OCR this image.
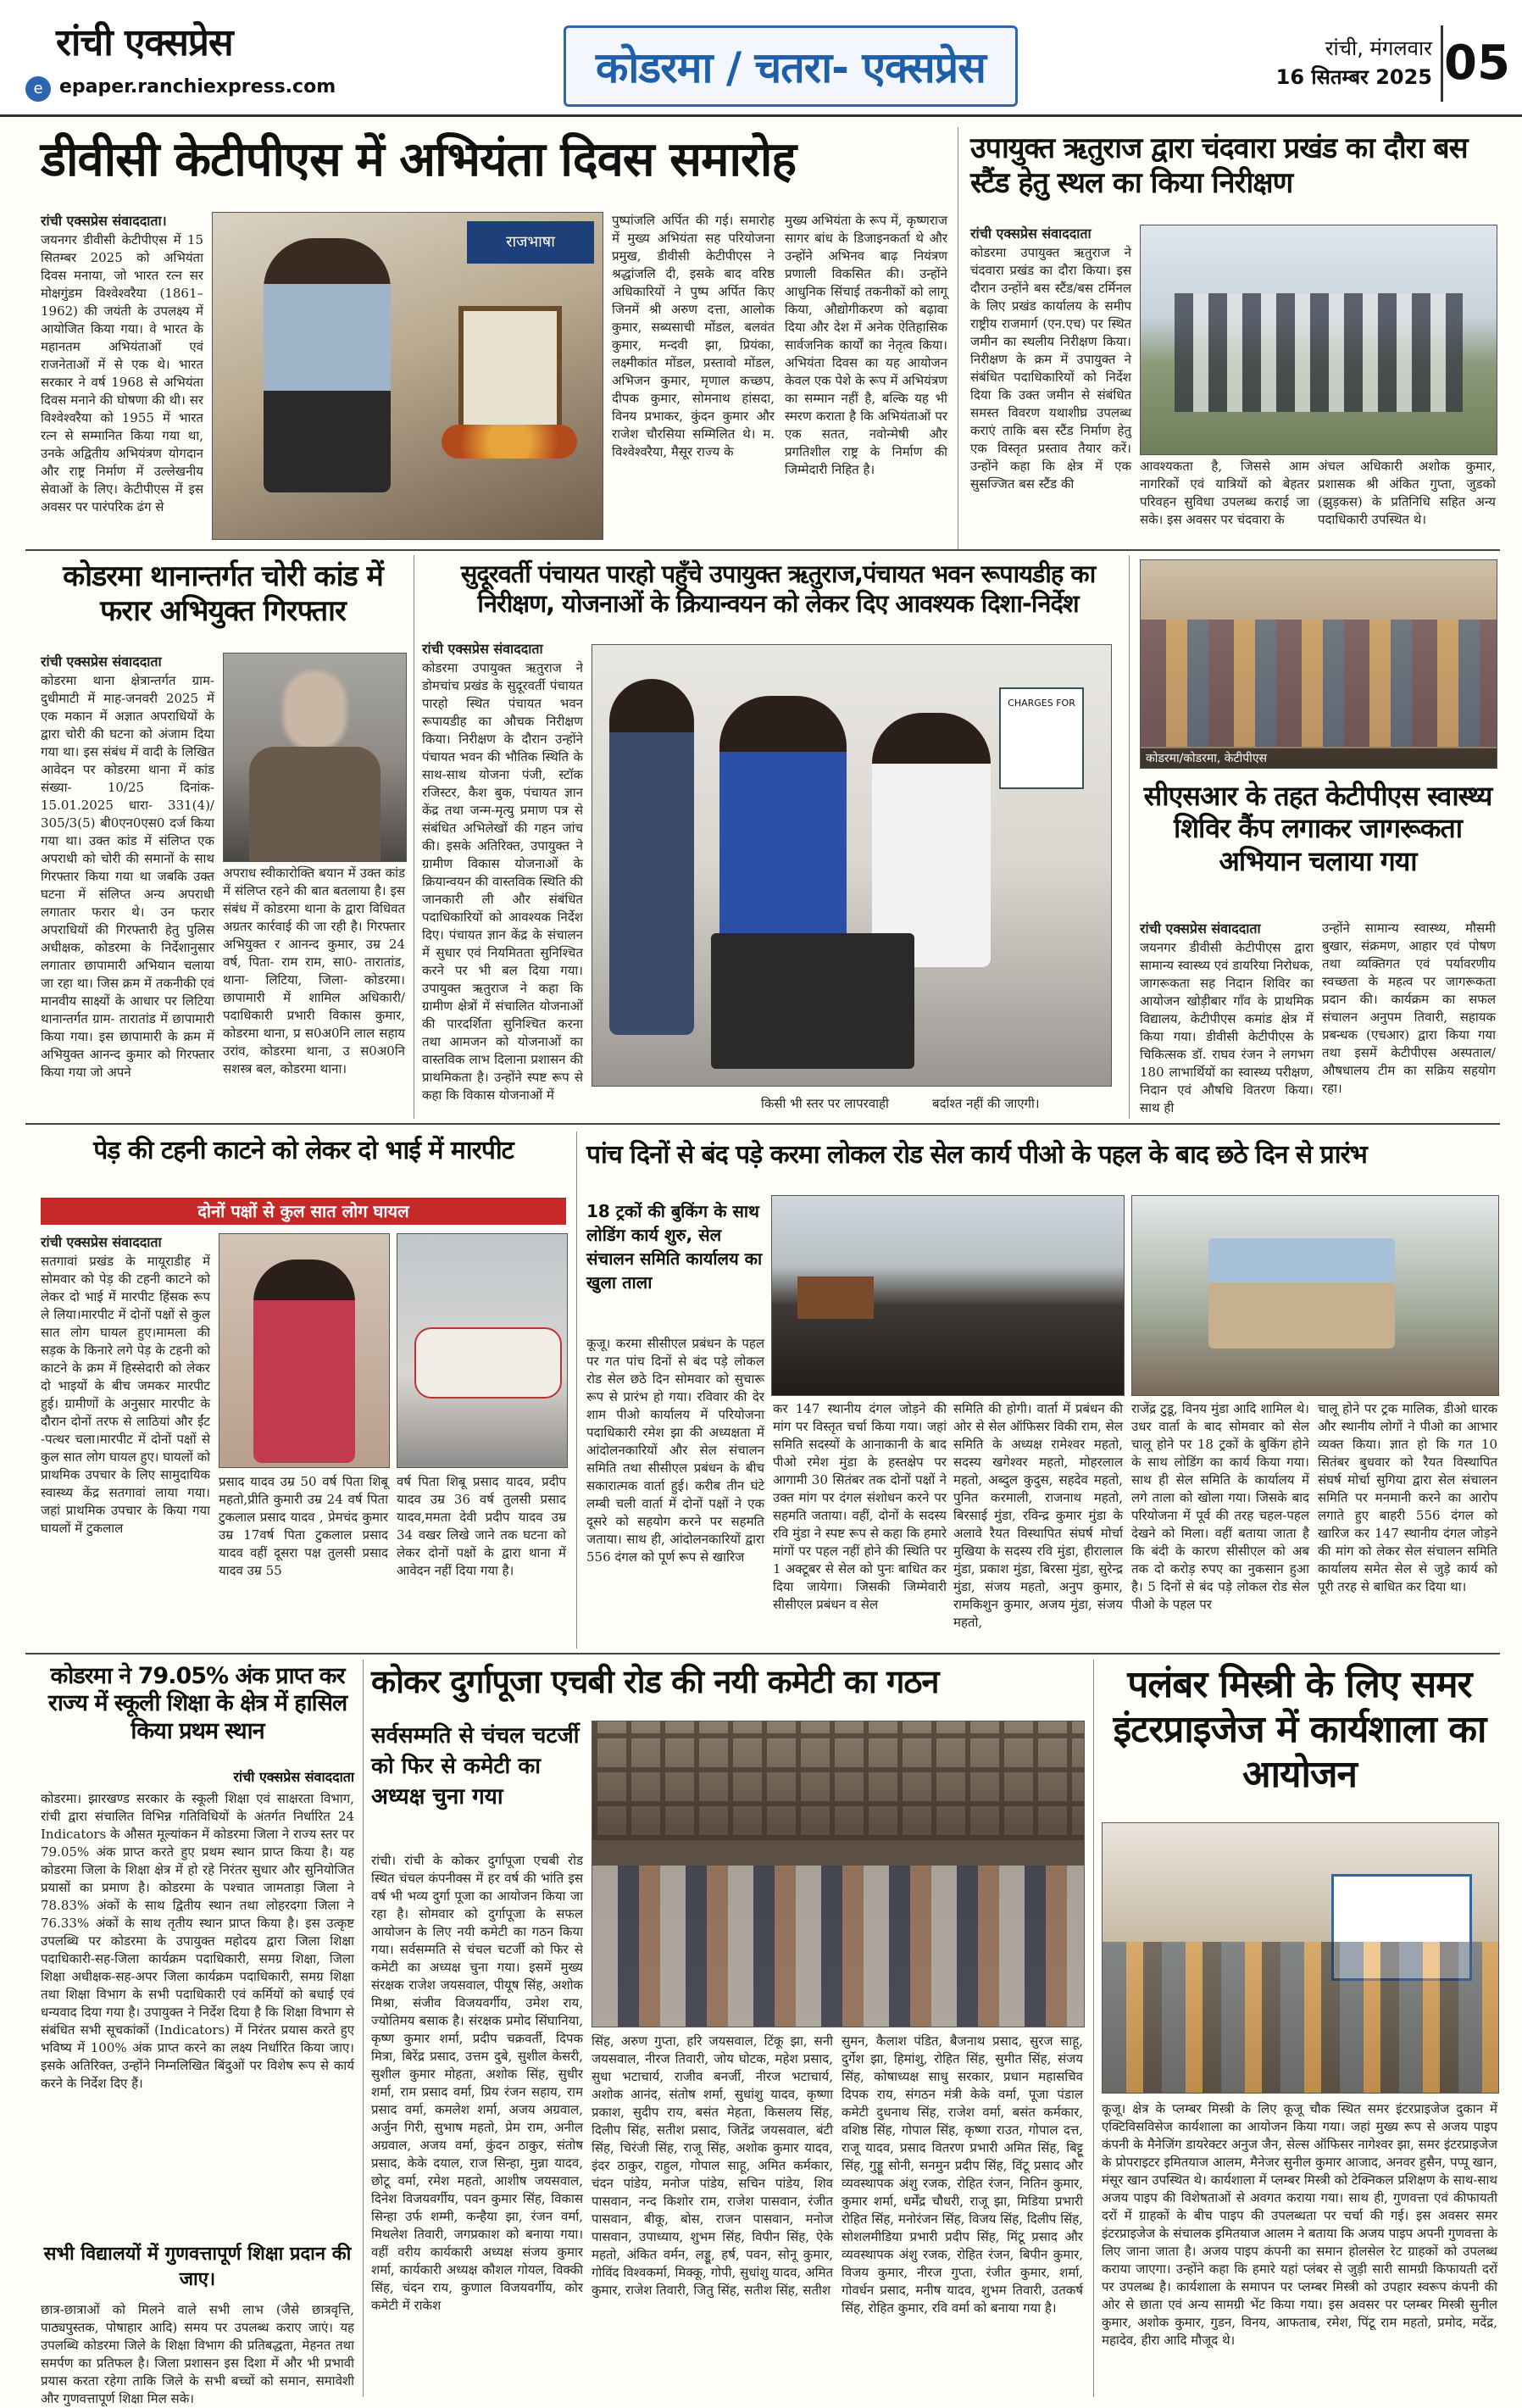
रांची एक्सप्रेस
e epaper.ranchiexpress.com	कोडरमा / चतरा- एक्सप्रेस	रांची, मंगलवार
16 सितम्बर 2025 05
डीवीसी केटीपीएस में अभियंता दिवस समारोह
रांची एक्सप्रेस संवाददाता।
जयनगर डीवीसी केटीपीएस में 15 सितम्बर 2025 को अभियंता दिवस मनाया, जो भारत रत्न सर मोक्षगुंडम विश्वेश्वरैया (1861–1962) की जयंती के उपलक्ष्य में आयोजित किया गया। वे भारत के महानतम अभियंताओं एवं राजनेताओं में से एक थे। भारत सरकार ने वर्ष 1968 से अभियंता दिवस मनाने की घोषणा की थी। सर विश्वेश्वरैया को 1955 में भारत रत्न से सम्मानित किया गया था, उनके अद्वितीय अभियंत्रण योगदान और राष्ट्र निर्माण में उल्लेखनीय सेवाओं के लिए। केटीपीएस में इस अवसर पर पारंपरिक ढंग से
राजभाषा
पुष्पांजलि अर्पित की गई। समारोह में मुख्य अभियंता सह परियोजना प्रमुख, डीवीसी केटीपीएस ने श्रद्धांजलि दी, इसके बाद वरिष्ठ अधिकारियों ने पुष्प अर्पित किए जिनमें श्री अरुण दत्ता, आलोक कुमार, सब्यसाची मोंडल, बलवंत कुमार, मन्दवी झा, प्रियंका, लक्ष्मीकांत मोंडल, प्रस्तावो मोंडल, अभिजन कुमार, मृणाल कच्छप, दीपक कुमार, सोमनाथ हांसदा, विनय प्रभाकर, कुंदन कुमार और राजेश चौरसिया सम्मिलित थे। म. विश्वेश्वरैया, मैसूर राज्य के
मुख्य अभियंता के रूप में, कृष्णराज सागर बांध के डिजाइनकर्ता थे और उन्होंने अभिनव बाढ़ नियंत्रण प्रणाली विकसित की। उन्होंने आधुनिक सिंचाई तकनीकों को लागू किया, औद्योगीकरण को बढ़ावा दिया और देश में अनेक ऐतिहासिक सार्वजनिक कार्यों का नेतृत्व किया। अभियंता दिवस का यह आयोजन केवल एक पेशे के रूप में अभियंत्रण का सम्मान नहीं है, बल्कि यह भी स्मरण कराता है कि अभियंताओं पर एक सतत, नवोन्मेषी और प्रगतिशील राष्ट्र के निर्माण की जिम्मेदारी निहित है।
उपायुक्त ऋतुराज द्वारा चंदवारा प्रखंड का दौरा बस स्टैंड हेतु स्थल का किया निरीक्षण
रांची एक्सप्रेस संवाददाता
कोडरमा उपायुक्त ऋतुराज ने चंदवारा प्रखंड का दौरा किया। इस दौरान उन्होंने बस स्टैंड/बस टर्मिनल के लिए प्रखंड कार्यालय के समीप राष्ट्रीय राजमार्ग (एन.एच) पर स्थित जमीन का स्थलीय निरीक्षण किया। निरीक्षण के क्रम में उपायुक्त ने संबंधित पदाधिकारियों को निर्देश दिया कि उक्त जमीन से संबंधित समस्त विवरण यथाशीघ्र उपलब्ध कराएं ताकि बस स्टैंड निर्माण हेतु एक विस्तृत प्रस्ताव तैयार करें। उन्होंने कहा कि क्षेत्र में एक सुसज्जित बस स्टैंड की
आवश्यकता है, जिससे आम नागरिकों एवं यात्रियों को बेहतर परिवहन सुविधा उपलब्ध कराई जा सके। इस अवसर पर चंदवारा के
अंचल अधिकारी अशोक कुमार, प्रशासक श्री अंकित गुप्ता, जुडको (झुड़कस) के प्रतिनिधि सहित अन्य पदाधिकारी उपस्थित थे।
कोडरमा थानान्तर्गत चोरी कांड में फरार अभियुक्त गिरफ्तार
रांची एक्सप्रेस संवाददाता
कोडरमा थाना क्षेत्रान्तर्गत ग्राम- दुधीमाटी में माह-जनवरी 2025 में एक मकान में अज्ञात अपराधियों के द्वारा चोरी की घटना को अंजाम दिया गया था। इस संबंध में वादी के लिखित आवेदन पर कोडरमा थाना में कांड संख्या- 10/25 दिनांक- 15.01.2025 धारा- 331(4)/ 305/3(5) बी0एन0एस0 दर्ज किया गया था। उक्त कांड में संलिप्त एक अपराधी को चोरी की समानों के साथ गिरफ्तार किया गया था जबकि उक्त घटना में संलिप्त अन्य अपराधी लगातार फरार थे। उन फरार अपराधियों की गिरफ्तारी हेतु पुलिस अधीक्षक, कोडरमा के निर्देशानुसार लगातार छापामारी अभियान चलाया जा रहा था। जिस क्रम में तकनीकी एवं मानवीय साक्ष्यों के आधार पर लिटिया थानान्तर्गत ग्राम- तारातांड में छापामारी किया गया। इस छापामारी के क्रम में अभियुक्त आनन्द कुमार को गिरफ्तार किया गया जो अपने
अपराध स्वीकारोक्ति बयान में उक्त कांड में संलिप्त रहने की बात बतलाया है। इस संबंध में कोडरमा थाना के द्वारा विधिवत अग्रतर कार्रवाई की जा रही है। गिरफ्तार अभियुक्त र आनन्द कुमार, उम्र 24 वर्ष, पिता- राम राम, सा0- तारातांड, थाना- लिटिया, जिला- कोडरमा। छापामारी में शामिल अधिकारी/पदाधिकारी प्रभारी विकास कुमार, कोडरमा थाना, प्र स0अ0नि लाल सहाय उरांव, कोडरमा थाना, उ स0अ0नि सशस्त्र बल, कोडरमा थाना।
सुदूरवर्ती पंचायत पारहो पहुँचे उपायुक्त ऋतुराज,पंचायत भवन रूपायडीह का निरीक्षण, योजनाओं के क्रियान्वयन को लेकर दिए आवश्यक दिशा-निर्देश
रांची एक्सप्रेस संवाददाता
कोडरमा उपायुक्त ऋतुराज ने डोमचांच प्रखंड के सुदूरवर्ती पंचायत पारहो स्थित पंचायत भवन रूपायडीह का औचक निरीक्षण किया। निरीक्षण के दौरान उन्होंने पंचायत भवन की भौतिक स्थिति के साथ-साथ योजना पंजी, स्टॉक रजिस्टर, कैश बुक, पंचायत ज्ञान केंद्र तथा जन्म-मृत्यु प्रमाण पत्र से संबंधित अभिलेखों की गहन जांच की। इसके अतिरिक्त, उपायुक्त ने ग्रामीण विकास योजनाओं के क्रियान्वयन की वास्तविक स्थिति की जानकारी ली और संबंधित पदाधिकारियों को आवश्यक निर्देश दिए। पंचायत ज्ञान केंद्र के संचालन में सुधार एवं नियमितता सुनिश्चित करने पर भी बल दिया गया। उपायुक्त ऋतुराज ने कहा कि ग्रामीण क्षेत्रों में संचालित योजनाओं की पारदर्शिता सुनिश्चित करना तथा आमजन को योजनाओं का वास्तविक लाभ दिलाना प्रशासन की प्राथमिकता है। उन्होंने स्पष्ट रूप से कहा कि विकास योजनाओं में
CHARGES FOR
किसी भी स्तर पर लापरवाही	बर्दाश्त नहीं की जाएगी।
कोडरमा/कोडरमा, केटीपीएस
सीएसआर के तहत केटीपीएस स्वास्थ्य शिविर कैंप लगाकर जागरूकता अभियान चलाया गया
रांची एक्सप्रेस संवाददाता
जयनगर डीवीसी केटीपीएस द्वारा सामान्य स्वास्थ्य एवं डायरिया निरोधक, जागरूकता सह निदान शिविर का आयोजन खोड़ीबार गाँव के प्राथमिक विद्यालय, केटीपीएस कमांड क्षेत्र में किया गया। डीवीसी केटीपीएस के चिकित्सक डॉ. राघव रंजन ने लगभग 180 लाभार्थियों का स्वास्थ्य परीक्षण, निदान एवं औषधि वितरण किया। साथ ही
उन्होंने सामान्य स्वास्थ्य, मौसमी बुखार, संक्रमण, आहार एवं पोषण तथा व्यक्तिगत एवं पर्यावरणीय स्वच्छता के महत्व पर जागरूकता प्रदान की। कार्यक्रम का सफल संचालन अनुपम तिवारी, सहायक प्रबन्धक (एचआर) द्वारा किया गया तथा इसमें केटीपीएस अस्पताल/औषधालय टीम का सक्रिय सहयोग रहा।
पेड़ की टहनी काटने को लेकर दो भाई में मारपीट
दोनों पक्षों से कुल सात लोग घायल
रांची एक्सप्रेस संवाददाता
सतगावां प्रखंड के मायूराडीह में सोमवार को पेड़ की टहनी काटने को लेकर दो भाई में मारपीट हिंसक रूप ले लिया।मारपीट में दोनों पक्षों से कुल सात लोग घायल हुए।मामला की सड़क के किनारे लगे पेड़ के टहनी को काटने के क्रम में हिस्सेदारी को लेकर दो भाइयों के बीच जमकर मारपीट हुई। ग्रामीणों के अनुसार मारपीट के दौरान दोनों तरफ से लाठियां और ईंट -पत्थर चला।मारपीट में दोनों पक्षों से कुल सात लोग घायल हुए। घायलों को प्राथमिक उपचार के लिए सामुदायिक स्वास्थ्य केंद्र सतगावां लाया गया। जहां प्राथमिक उपचार के किया गया घायलों में टुकलाल
प्रसाद यादव उम्र 50 वर्ष पिता शिबू महतो,प्रीति कुमारी उम्र 24 वर्ष पिता टुकलाल प्रसाद यादव , प्रेमचंद कुमार उम्र 17वर्ष पिता टुकलाल प्रसाद यादव वहीं दूसरा पक्ष तुलसी प्रसाद यादव उम्र 55
वर्ष पिता शिबू प्रसाद यादव, प्रदीप यादव उम्र 36 वर्ष तुलसी प्रसाद यादव,ममता देवी प्रदीप यादव उम्र 34 वखर लिखे जाने तक घटना को लेकर दोनों पक्षों के द्वारा थाना में आवेदन नहीं दिया गया है।
पांच दिनों से बंद पड़े करमा लोकल रोड सेल कार्य पीओ के पहल के बाद छठे दिन से प्रारंभ
18 ट्रकों की बुकिंग के साथ लोडिंग कार्य शुरु, सेल संचालन समिति कार्यालय का खुला ताला
कूजू। करमा सीसीएल प्रबंधन के पहल पर गत पांच दिनों से बंद पड़े लोकल रोड सेल छठे दिन सोमवार को सुचारू रूप से प्रारंभ हो गया। रविवार की देर शाम पीओ कार्यालय में परियोजना पदाधिकारी रमेश झा की अध्यक्षता में आंदोलनकारियों और सेल संचालन समिति तथा सीसीएल प्रबंधन के बीच सकारात्मक वार्ता हुई। करीब तीन घंटे लम्बी चली वार्ता में दोनों पक्षों ने एक दूसरे को सहयोग करने पर सहमति जताया। साथ ही, आंदोलनकारियों द्वारा 556 दंगल को पूर्ण रूप से खारिज
कर 147 स्थानीय दंगल जोड़ने की मांग पर विस्तृत चर्चा किया गया। जहां समिति सदस्यों के आनाकानी के बाद पीओ रमेश मुंडा के हस्तक्षेप पर आगामी 30 सितंबर तक दोनों पक्षों ने उक्त मांग पर दंगल संशोधन करने पर सहमति जताया। वहीं, दोनों के सदस्य रवि मुंडा ने स्पष्ट रूप से कहा कि हमारे मांगों पर पहल नहीं होने की स्थिति पर 1 अक्टूबर से सेल को पुनः बाधित कर दिया जायेगा। जिसकी जिम्मेवारी सीसीएल प्रबंधन व सेल
समिति की होगी। वार्ता में प्रबंधन की ओर से सेल ऑफिसर विकी राम, सेल समिति के अध्यक्ष रामेश्वर महतो, सदस्य खगेश्वर महतो, मोहरलाल महतो, अब्दुल कुदुस, सहदेव महतो, पुनित करमाली, राजनाथ महतो, बिरसाई मुंडा, रविन्द्र कुमार मुंडा के अलावे रैयत विस्थापित संघर्ष मोर्चा मुखिया के सदस्य रवि मुंडा, हीरालाल मुंडा, प्रकाश मुंडा, बिरसा मुंडा, सुरेन्द्र मुंडा, संजय महतो, अनुप कुमार, रामकिशुन कुमार, अजय मुंडा, संजय महतो,
राजेंद्र टुडू, विनय मुंडा आदि शामिल थे। उधर वार्ता के बाद सोमवार को सेल चालू होने पर 18 ट्रकों के बुकिंग होने के साथ लोडिंग का कार्य किया गया। साथ ही सेल समिति के कार्यालय में लगे ताला को खोला गया। जिसके बाद परियोजना में पूर्व की तरह चहल-पहल देखने को मिला। वहीं बताया जाता है कि बंदी के कारण सीसीएल को अब तक दो करोड़ रुपए का नुकसान हुआ है। 5 दिनों से बंद पड़े लोकल रोड सेल पीओ के पहल पर
चालू होने पर ट्रक मालिक, डीओ धारक और स्थानीय लोगों ने पीओ का आभार व्यक्त किया। ज्ञात हो कि गत 10 सितंबर बुधवार को रैयत विस्थापित संघर्ष मोर्चा सुगिया द्वारा सेल संचालन समिति पर मनमानी करने का आरोप लगाते हुए बाहरी 556 दंगल को खारिज कर 147 स्थानीय दंगल जोड़ने की मांग को लेकर सेल संचालन समिति कार्यालय समेत सेल से जुड़े कार्य को पूरी तरह से बाधित कर दिया था।
कोडरमा ने 79.05% अंक प्राप्त कर राज्य में स्कूली शिक्षा के क्षेत्र में हासिल किया प्रथम स्थान
रांची एक्सप्रेस संवाददाता
कोडरमा। झारखण्ड सरकार के स्कूली शिक्षा एवं साक्षरता विभाग, रांची द्वारा संचालित विभिन्न गतिविधियों के अंतर्गत निर्धारित 24 Indicators के औसत मूल्यांकन में कोडरमा जिला ने राज्य स्तर पर 79.05% अंक प्राप्त करते हुए प्रथम स्थान प्राप्त किया है। यह कोडरमा जिला के शिक्षा क्षेत्र में हो रहे निरंतर सुधार और सुनियोजित प्रयासों का प्रमाण है। कोडरमा के पश्चात जामताड़ा जिला ने 78.83% अंकों के साथ द्वितीय स्थान तथा लोहरदगा जिला ने 76.33% अंकों के साथ तृतीय स्थान प्राप्त किया है। इस उत्कृष्ट उपलब्धि पर कोडरमा के उपायुक्त महोदय द्वारा जिला शिक्षा पदाधिकारी-सह-जिला कार्यक्रम पदाधिकारी, समग्र शिक्षा, जिला शिक्षा अधीक्षक-सह-अपर जिला कार्यक्रम पदाधिकारी, समग्र शिक्षा तथा शिक्षा विभाग के सभी पदाधिकारी एवं कर्मियों को बधाई एवं धन्यवाद दिया गया है। उपायुक्त ने निर्देश दिया है कि शिक्षा विभाग से संबंधित सभी सूचकांकों (Indicators) में निरंतर प्रयास करते हुए भविष्य में 100% अंक प्राप्त करने का लक्ष्य निर्धारित किया जाए। इसके अतिरिक्त, उन्होंने निम्नलिखित बिंदुओं पर विशेष रूप से कार्य करने के निर्देश दिए हैं।
सभी विद्यालयों में गुणवत्तापूर्ण शिक्षा प्रदान की जाए।
छात्र-छात्राओं को मिलने वाले सभी लाभ (जैसे छात्रवृत्ति, पाठ्यपुस्तक, पोषाहार आदि) समय पर उपलब्ध कराए जाएं। यह उपलब्धि कोडरमा जिले के शिक्षा विभाग की प्रतिबद्धता, मेहनत तथा समर्पण का प्रतिफल है। जिला प्रशासन इस दिशा में और भी प्रभावी प्रयास करता रहेगा ताकि जिले के सभी बच्चों को समान, समावेशी और गुणवत्तापूर्ण शिक्षा मिल सके।
कोकर दुर्गापूजा एचबी रोड की नयी कमेटी का गठन
सर्वसम्मति से चंचल चटर्जी को फिर से कमेटी का अध्यक्ष चुना गया
रांची। रांची के कोकर दुर्गापूजा एचबी रोड स्थित चंचल कंपनीक्स में हर वर्ष की भांति इस वर्ष भी भव्य दुर्गा पूजा का आयोजन किया जा रहा है। सोमवार को दुर्गापूजा के सफल आयोजन के लिए नयी कमेटी का गठन किया गया। सर्वसम्मति से चंचल चटर्जी को फिर से कमेटी का अध्यक्ष चुना गया। इसमें मुख्य संरक्षक राजेश जयसवाल, पीयूष सिंह, अशोक मिश्रा, संजीव विजयवर्गीय, उमेश राय, ज्योतिमय बसाक है। संरक्षक प्रमोद सिंघानिया, कृष्ण कुमार शर्मा, प्रदीप चक्रवर्ती, दिपक मित्रा, बिरेंद्र प्रसाद, उत्तम दुबे, सुशील केसरी, सुशील कुमार मोहता, अशोक सिंह, सुधीर शर्मा, राम प्रसाद वर्मा, प्रिय रंजन सहाय, राम प्रसाद वर्मा, कमलेश शर्मा, अजय अग्रवाल, अर्जुन गिरी, सुभाष महतो, प्रेम राम, अनील अग्रवाल, अजय वर्मा, कुंदन ठाकुर, संतोष प्रसाद, केके दयाल, राज सिन्हा, मुन्ना यादव, छोटू वर्मा, रमेश महतो, आशीष जयसवाल, दिनेश विजयवर्गीय, पवन कुमार सिंह, विकास सिन्हा उर्फ शम्मी, कन्हैया झा, रंजन वर्मा, मिथलेश तिवारी, जगप्रकाश को बनाया गया। वहीं वरीय कार्यकारी अध्यक्ष संजय कुमार शर्मा, कार्यकारी अध्यक्ष कौशल गोयल, विक्की सिंह, चंदन राय, कुणाल विजयवर्गीय, कोर कमेटी में राकेश
सिंह, अरुण गुप्ता, हरि जयसवाल, टिंकू झा, सनी जयसवाल, नीरज तिवारी, जोय घोटक, महेश प्रसाद, सुधा भटाचार्य, राजीव बनर्जी, नीरज भटाचार्य, अशोक आनंद, संतोष शर्मा, सुधांशु यादव, कृष्णा प्रकाश, सुदीप राय, बसंत मेहता, किसलय सिंह, दिलीप सिंह, सतीश प्रसाद, जितेंद्र जयसवाल, बंटी सिंह, चिरंजी सिंह, राजू सिंह, अशोक कुमार यादव, इंदर ठाकुर, राहुल, गोपाल साहू, अमित कर्मकार, चंदन पांडेय, मनोज पांडेय, सचिन पांडेय, शिव पासवान, नन्द किशोर राम, राजेश पासवान, रंजीत पासवान, बीकू, बोस, राजन पासवान, मनोज पासवान, उपाध्याय, शुभम सिंह, विपीन सिंह, ऐके महतो, अंकित वर्मन, लड्डू, हर्ष, पवन, सोनू कुमार, गोविंद विश्वकर्मा, मिक्कू, गोपी, सुधांशु यादव, अमित कुमार, राजेश तिवारी, जितु सिंह, सतीश सिंह, सतीश
सुमन, कैलाश पंडित, बैजनाथ प्रसाद, सुरज साहू, दुर्गेश झा, हिमांशु, रोहित सिंह, सुमीत सिंह, संजय सिंह, कोषाध्यक्ष साधु सरकार, प्रधान महासचिव दिपक राय, संगठन मंत्री केके वर्मा, पूजा पंडाल कमेटी दुधनाथ सिंह, राजेश वर्मा, बसंत कर्मकार, वशिष्ठ सिंह, गोपाल सिंह, कृष्णा राउत, गोपाल दत्त, राजू यादव, प्रसाद वितरण प्रभारी अमित सिंह, बिट्टू सिंह, गुड्डू सोनी, सनमुन प्रदीप सिंह, विंटू प्रसाद और व्यवस्थापक अंशु रजक, रोहित रंजन, नितिन कुमार, कुमार शर्मा, धर्मेंद्र चौधरी, राजू झा, मिडिया प्रभारी रोहित सिंह, मनोरंजन सिंह, विजय सिंह, दिलीप सिंह, सोशलमीडिया प्रभारी प्रदीप सिंह, मिंटू प्रसाद और व्यवस्थापक अंशु रजक, रोहित रंजन, बिपीन कुमार, विजय कुमार, नीरज गुप्ता, रंजीत कुमार, शर्मा, गोवर्धन प्रसाद, मनीष यादव, शुभम तिवारी, उतकर्ष सिंह, रोहित कुमार, रवि वर्मा को बनाया गया है।
पलंबर मिस्त्री के लिए समर इंटरप्राइजेज में कार्यशाला का आयोजन
कूजू। क्षेत्र के प्लम्बर मिस्त्री के लिए कूजू चौक स्थित समर इंटरप्राइजेज दुकान में एक्टिविसविसेज कार्यशाला का आयोजन किया गया। जहां मुख्य रूप से अजय पाइप कंपनी के मैनेजिंग डायरेक्टर अनुज जैन, सेल्स ऑफिसर नागेश्वर झा, समर इंटरप्राइजेज के प्रोपराइटर इमितयाज आलम, मैनेजर सुनील कुमार आजाद, अनवर हुसैन, पप्पू खान, मंसूर खान उपस्थित थे। कार्यशाला में प्लम्बर मिस्त्री को टेक्निकल प्रशिक्षण के साथ-साथ अजय पाइप की विशेषताओं से अवगत कराया गया। साथ ही, गुणवत्ता एवं कीफायती दरों में ग्राहकों के बीच पाइप की उपलब्धता पर चर्चा की गई। इस अवसर समर इंटरप्राइजेज के संचालक इमितयाज आलम ने बताया कि अजय पाइप अपनी गुणवत्ता के लिए जाना जाता है। अजय पाइप कंपनी का समान होलसेल रेट ग्राहकों को उपलब्ध कराया जाएगा। उन्होंने कहा कि हमारे यहां प्लंबर से जुड़ी सारी सामग्री किफायती दरों पर उपलब्ध है। कार्यशाला के समापन पर प्लम्बर मिस्त्री को उपहार स्वरूप कंपनी की ओर से छाता एवं अन्य सामग्री भेंट किया गया। इस अवसर पर प्लम्बर मिस्त्री सुनील कुमार, अशोक कुमार, गुडन, विनय, आफताब, रमेश, पिंटू राम महतो, प्रमोद, मदेंद्र, महादेव, हीरा आदि मौजूद थे।
